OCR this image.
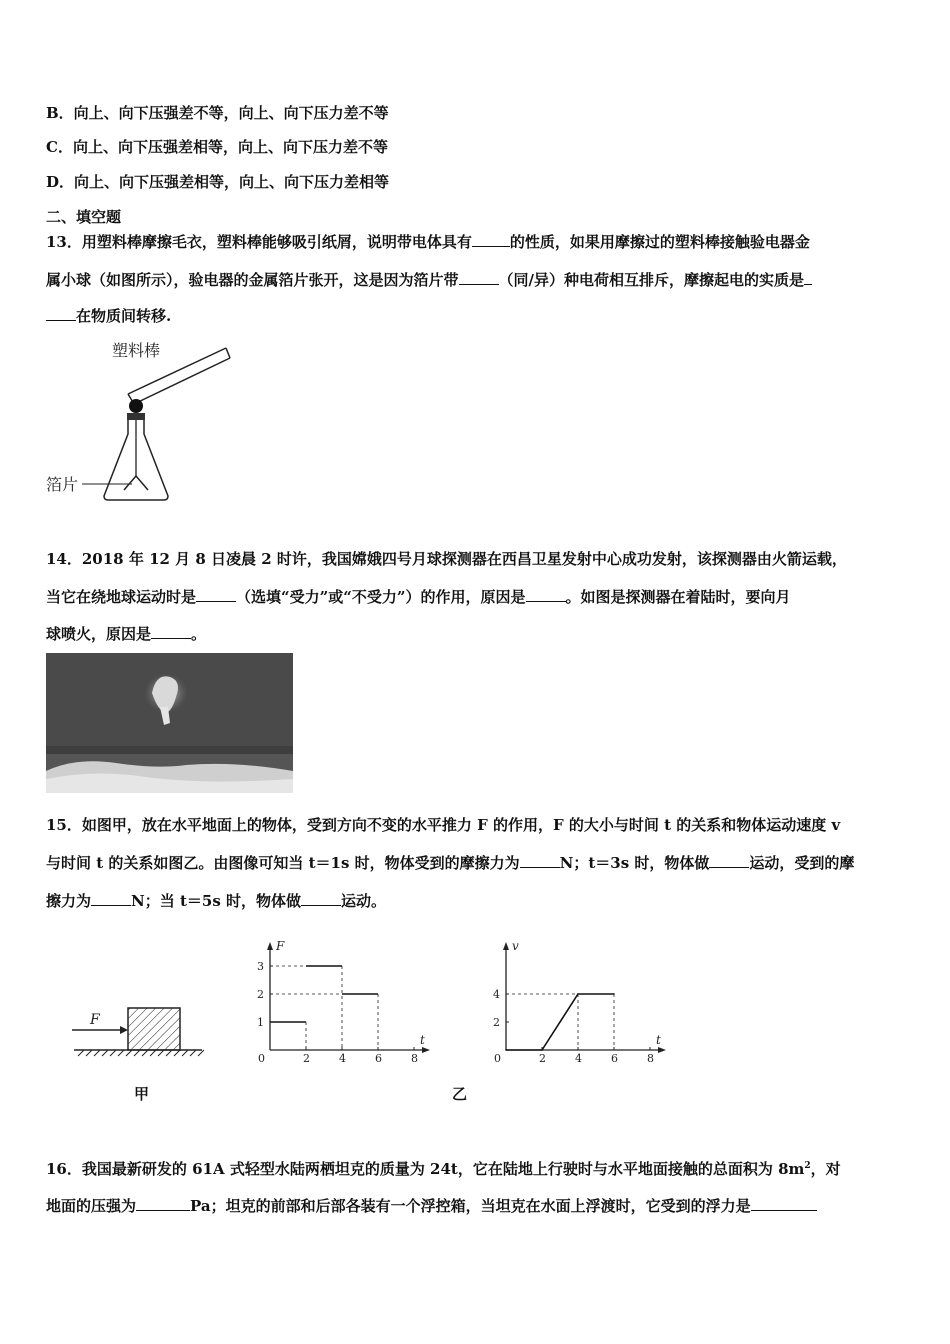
B．向上、向下压强差不等，向上、向下压力差不等
C．向上、向下压强差相等，向上、向下压力差不等
D．向上、向下压强差相等，向上、向下压力差相等
二、填空题
13．用塑料棒摩擦毛衣，塑料棒能够吸引纸屑，说明带电体具有	的性质，如果用摩擦过的塑料棒接触验电器金
属小球（如图所示），验电器的金属箔片张开，这是因为箔片带	（同/异）种电荷相互排斥，摩擦起电的实质是
在物质间转移.
塑料棒
箔片
14．2018 年 12 月 8 日凌晨 2 时许，我国嫦娥四号月球探测器在西昌卫星发射中心成功发射，该探测器由火箭运载，
当它在绕地球运动时是	（选填“受力”或“不受力”）的作用，原因是	。如图是探测器在着陆时，要向月
球喷火，原因是	。
15．如图甲，放在水平地面上的物体，受到方向不变的水平推力 F 的作用，F 的大小与时间 t 的关系和物体运动速度 v
与时间 t 的关系如图乙。由图像可知当 t＝1s 时，物体受到的摩擦力为	N；t＝3s 时，物体做	运动，受到的摩
擦力为	N；当 t＝5s 时，物体做	运动。
F
甲
F
t
0	2	4	6	8
1
2
3
v
t
0	2	4	6	8
2
4
乙
16．我国最新研发的 61A 式轻型水陆两栖坦克的质量为 24t，它在陆地上行驶时与水平地面接触的总面积为 $8m^2$，对
地面的压强为	Pa；坦克的前部和后部各装有一个浮控箱，当坦克在水面上浮渡时，它受到的浮力是
